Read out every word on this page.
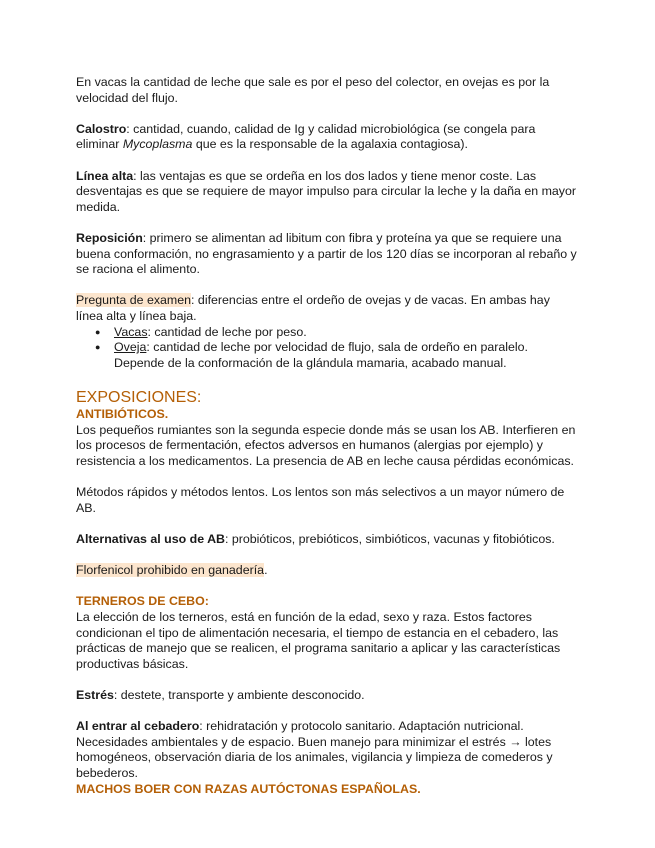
En vacas la cantidad de leche que sale es por el peso del colector, en ovejas es por la velocidad del flujo.

Calostro: cantidad, cuando, calidad de Ig y calidad microbiológica (se congela para eliminar Mycoplasma que es la responsable de la agalaxia contagiosa).

Línea alta: las ventajas es que se ordeña en los dos lados y tiene menor coste. Las desventajas es que se requiere de mayor impulso para circular la leche y la daña en mayor medida.

Reposición: primero se alimentan ad libitum con fibra y proteína ya que se requiere una buena conformación, no engrasamiento y a partir de los 120 días se incorporan al rebaño y se raciona el alimento.

Pregunta de examen: diferencias entre el ordeño de ovejas y de vacas. En ambas hay línea alta y línea baja.

● Vacas: cantidad de leche por peso.
● Oveja: cantidad de leche por velocidad de flujo, sala de ordeño en paralelo. Depende de la conformación de la glándula mamaria, acabado manual.
EXPOSICIONES:
ANTIBIÓTICOS.

Los pequeños rumiantes son la segunda especie donde más se usan los AB. Interfieren en los procesos de fermentación, efectos adversos en humanos (alergias por ejemplo) y resistencia a los medicamentos. La presencia de AB en leche causa pérdidas económicas.

Métodos rápidos y métodos lentos. Los lentos son más selectivos a un mayor número de AB.

Alternativas al uso de AB: probióticos, prebióticos, simbióticos, vacunas y fitobióticos.

Florfenicol prohibido en ganadería.

TERNEROS DE CEBO:

La elección de los terneros, está en función de la edad, sexo y raza. Estos factores condicionan el tipo de alimentación necesaria, el tiempo de estancia en el cebadero, las prácticas de manejo que se realicen, el programa sanitario a aplicar y las características productivas básicas.

Estrés: destete, transporte y ambiente desconocido.

Al entrar al cebadero: rehidratación y protocolo sanitario. Adaptación nutricional. Necesidades ambientales y de espacio. Buen manejo para minimizar el estrés → lotes homogéneos, observación diaria de los animales, vigilancia y limpieza de comederos y bebederos.

MACHOS BOER CON RAZAS AUTÓCTONAS ESPAÑOLAS.
